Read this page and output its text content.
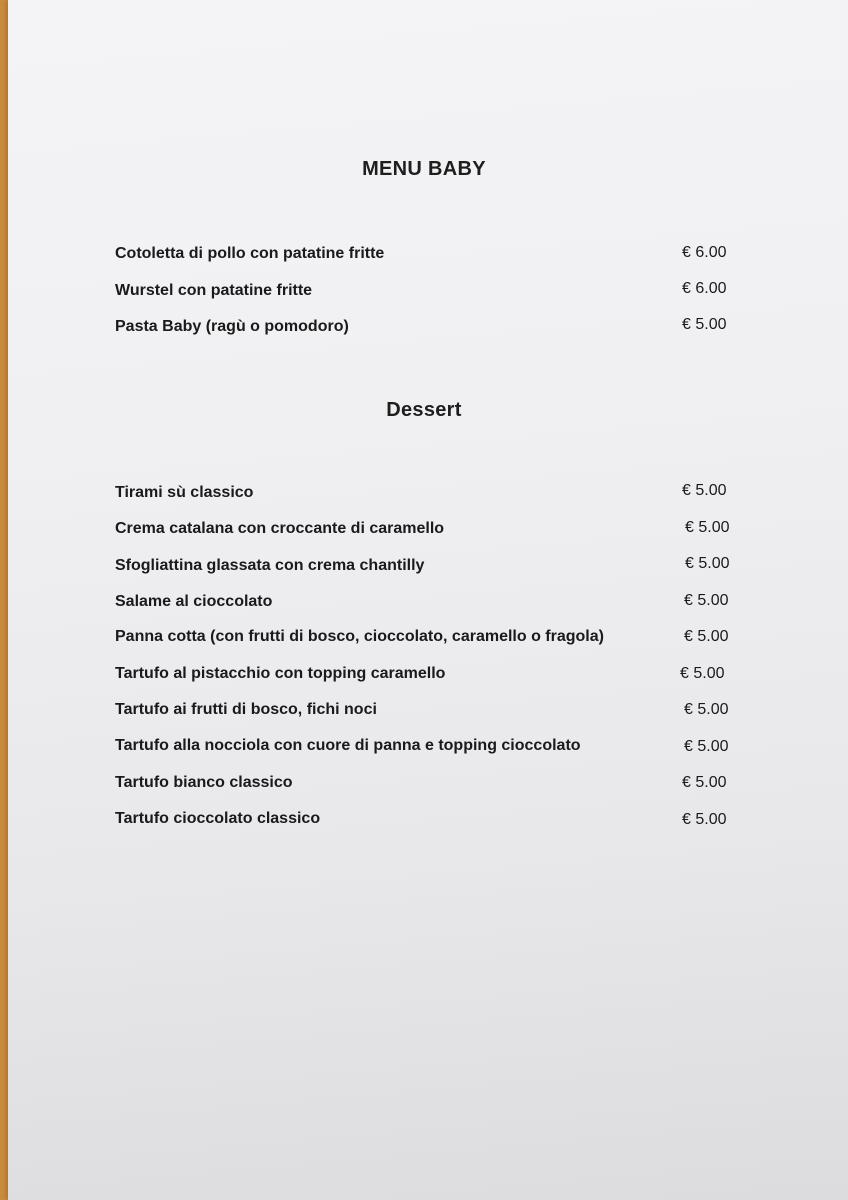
MENU BABY
Cotoletta di pollo con patatine fritte	€ 6.00
Wurstel con patatine fritte	€ 6.00
Pasta Baby (ragù o pomodoro)	€ 5.00
Dessert
Tirami sù classico	€ 5.00
Crema catalana con croccante di caramello	€ 5.00
Sfogliattina glassata con crema chantilly	€ 5.00
Salame al cioccolato	€ 5.00
Panna cotta (con frutti di bosco, cioccolato, caramello o fragola)	€ 5.00
Tartufo al pistacchio con topping caramello	€ 5.00
Tartufo ai frutti di bosco, fichi noci	€ 5.00
Tartufo alla nocciola con cuore di panna e topping cioccolato	€ 5.00
Tartufo bianco classico	€ 5.00
Tartufo cioccolato classico	€ 5.00
